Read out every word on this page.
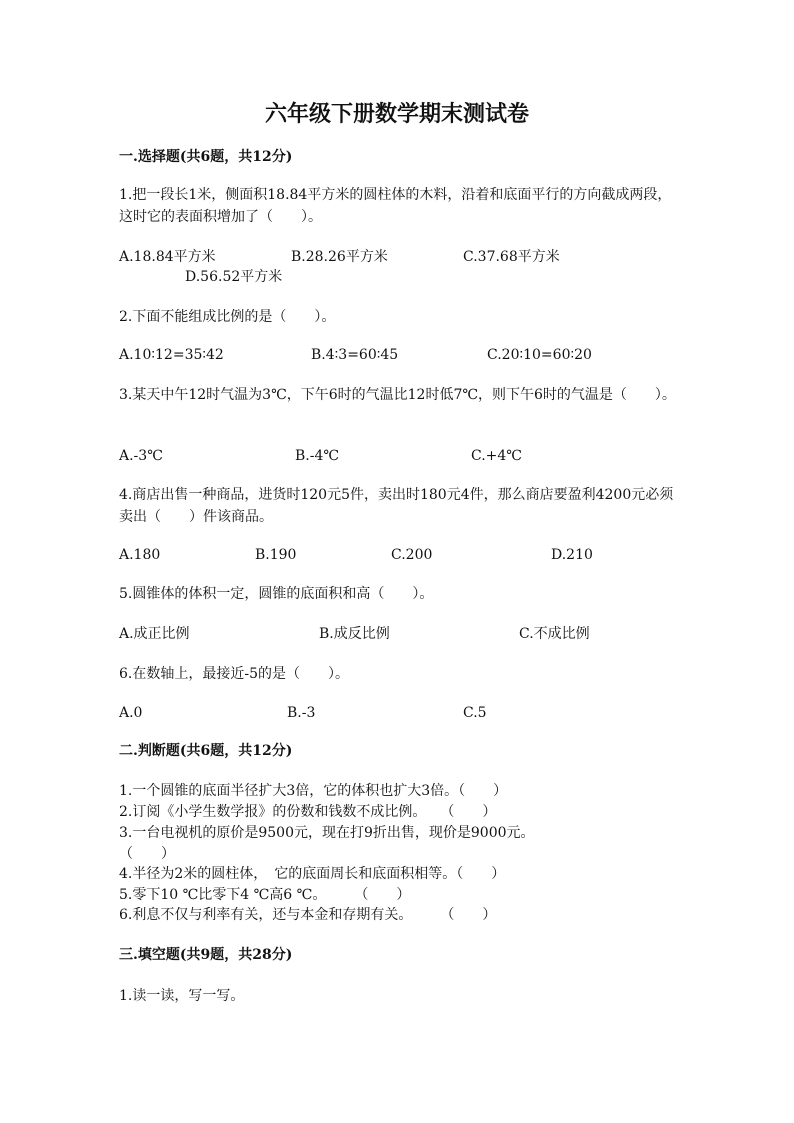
六年级下册数学期末测试卷
一.选择题(共6题，共12分)
1.把一段长1米，侧面积18.84平方米的圆柱体的木料，沿着和底面平行的方向截成两段，这时它的表面积增加了（　　）。
A.18.84平方米	B.28.26平方米	C.37.68平方米
D.56.52平方米
2.下面不能组成比例的是（　　）。
A.10∶12=35∶42	B.4∶3=60∶45	C.20∶10=60∶20
3.某天中午12时气温为3℃，下午6时的气温比12时低7℃，则下午6时的气温是（　　）。
A.-3℃	B.-4℃	C.+4℃
4.商店出售一种商品，进货时120元5件，卖出时180元4件，那么商店要盈利4200元必须卖出（　　）件该商品。
A.180	B.190	C.200	D.210
5.圆锥体的体积一定，圆锥的底面积和高（　　）。
A.成正比例	B.成反比例	C.不成比例
6.在数轴上，最接近-5的是（　　）。
A.0	B.-3	C.5
二.判断题(共6题，共12分)
1.一个圆锥的底面半径扩大3倍，它的体积也扩大3倍。（　　）
2.订阅《小学生数学报》的份数和钱数不成比例。　　（　　）
3.一台电视机的原价是9500元，现在打9折出售，现价是9000元。
（　　）
4.半径为2米的圆柱体，　它的底面周长和底面积相等。（　　）
5.零下10 ℃比零下4 ℃高6 ℃。　　　（　　）
6.利息不仅与利率有关，还与本金和存期有关。　　　（　　）
三.填空题(共9题，共28分)
1.读一读，写一写。
